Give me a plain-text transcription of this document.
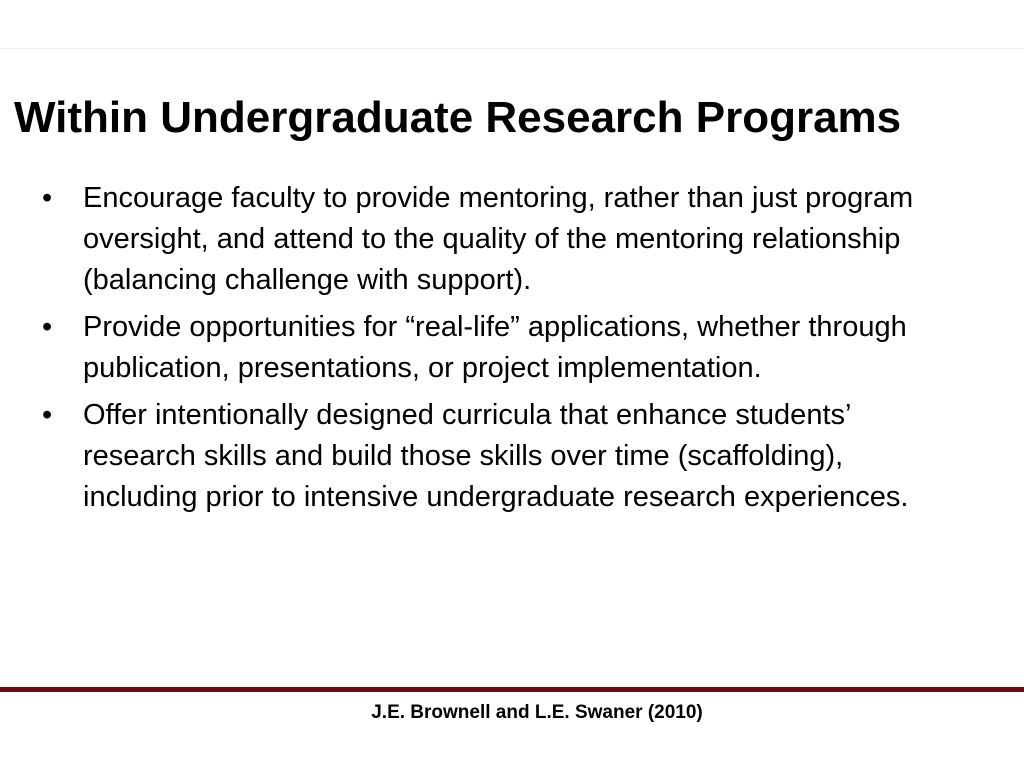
Within Undergraduate Research Programs
•	Encourage faculty to provide mentoring, rather than just program oversight, and attend to the quality of the mentoring relationship (balancing challenge with support).
•	Provide opportunities for “real-life” applications, whether through publication, presentations, or project implementation.
•	Offer intentionally designed curricula that enhance students’ research skills and build those skills over time (scaffolding), including prior to intensive undergraduate research experiences.
J.E. Brownell and L.E. Swaner (2010)
